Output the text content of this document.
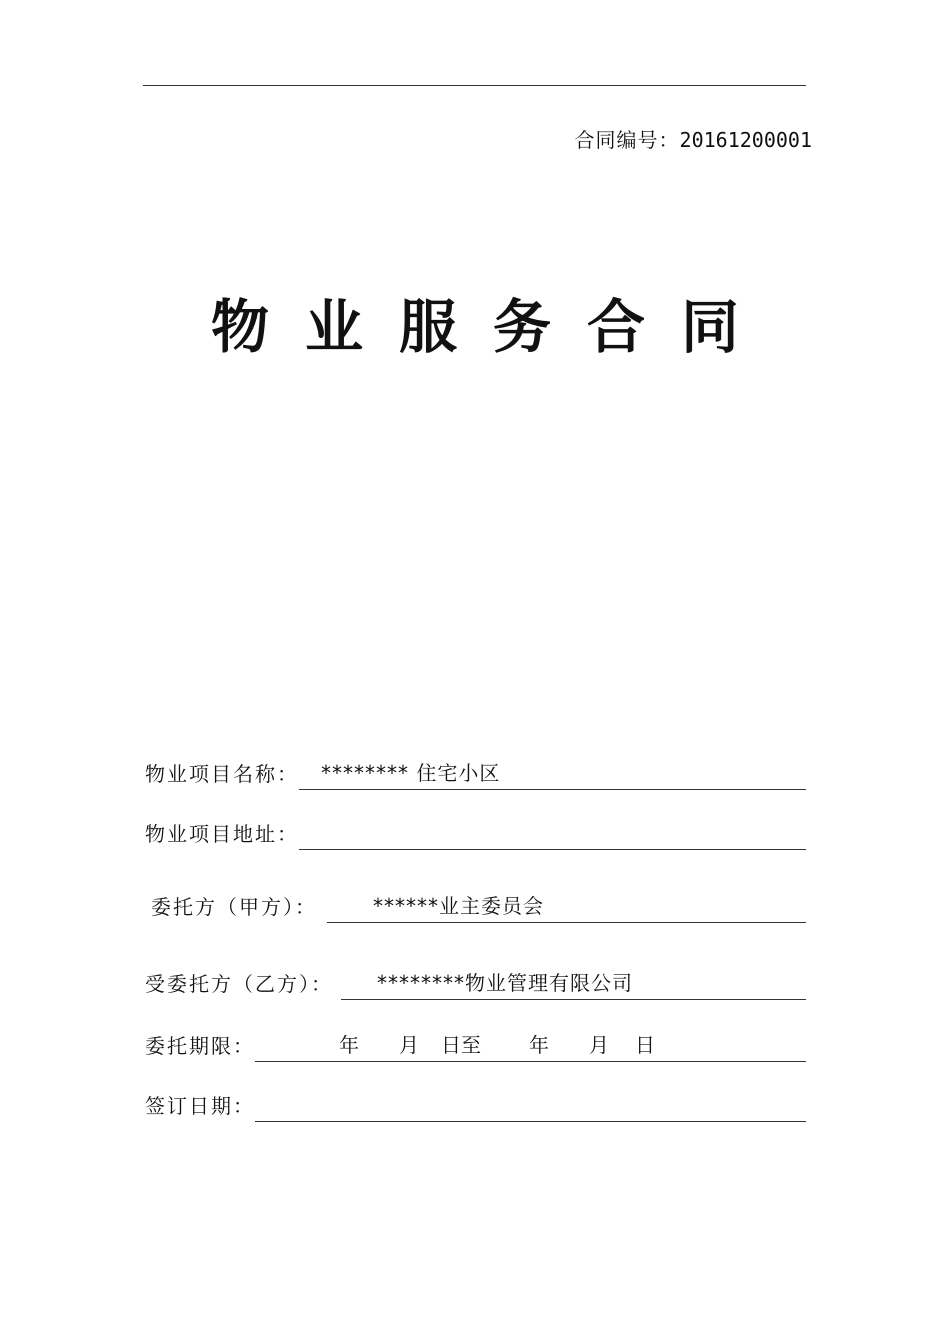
合同编号：20161200001
物业服务合同
物业项目名称：	******** 住宅小区
物业项目地址：
委托方（甲方）：	******业主委员会
受委托方（乙方）：	********物业管理有限公司
委托期限：	年 月 日至 年 月 日
签订日期：
